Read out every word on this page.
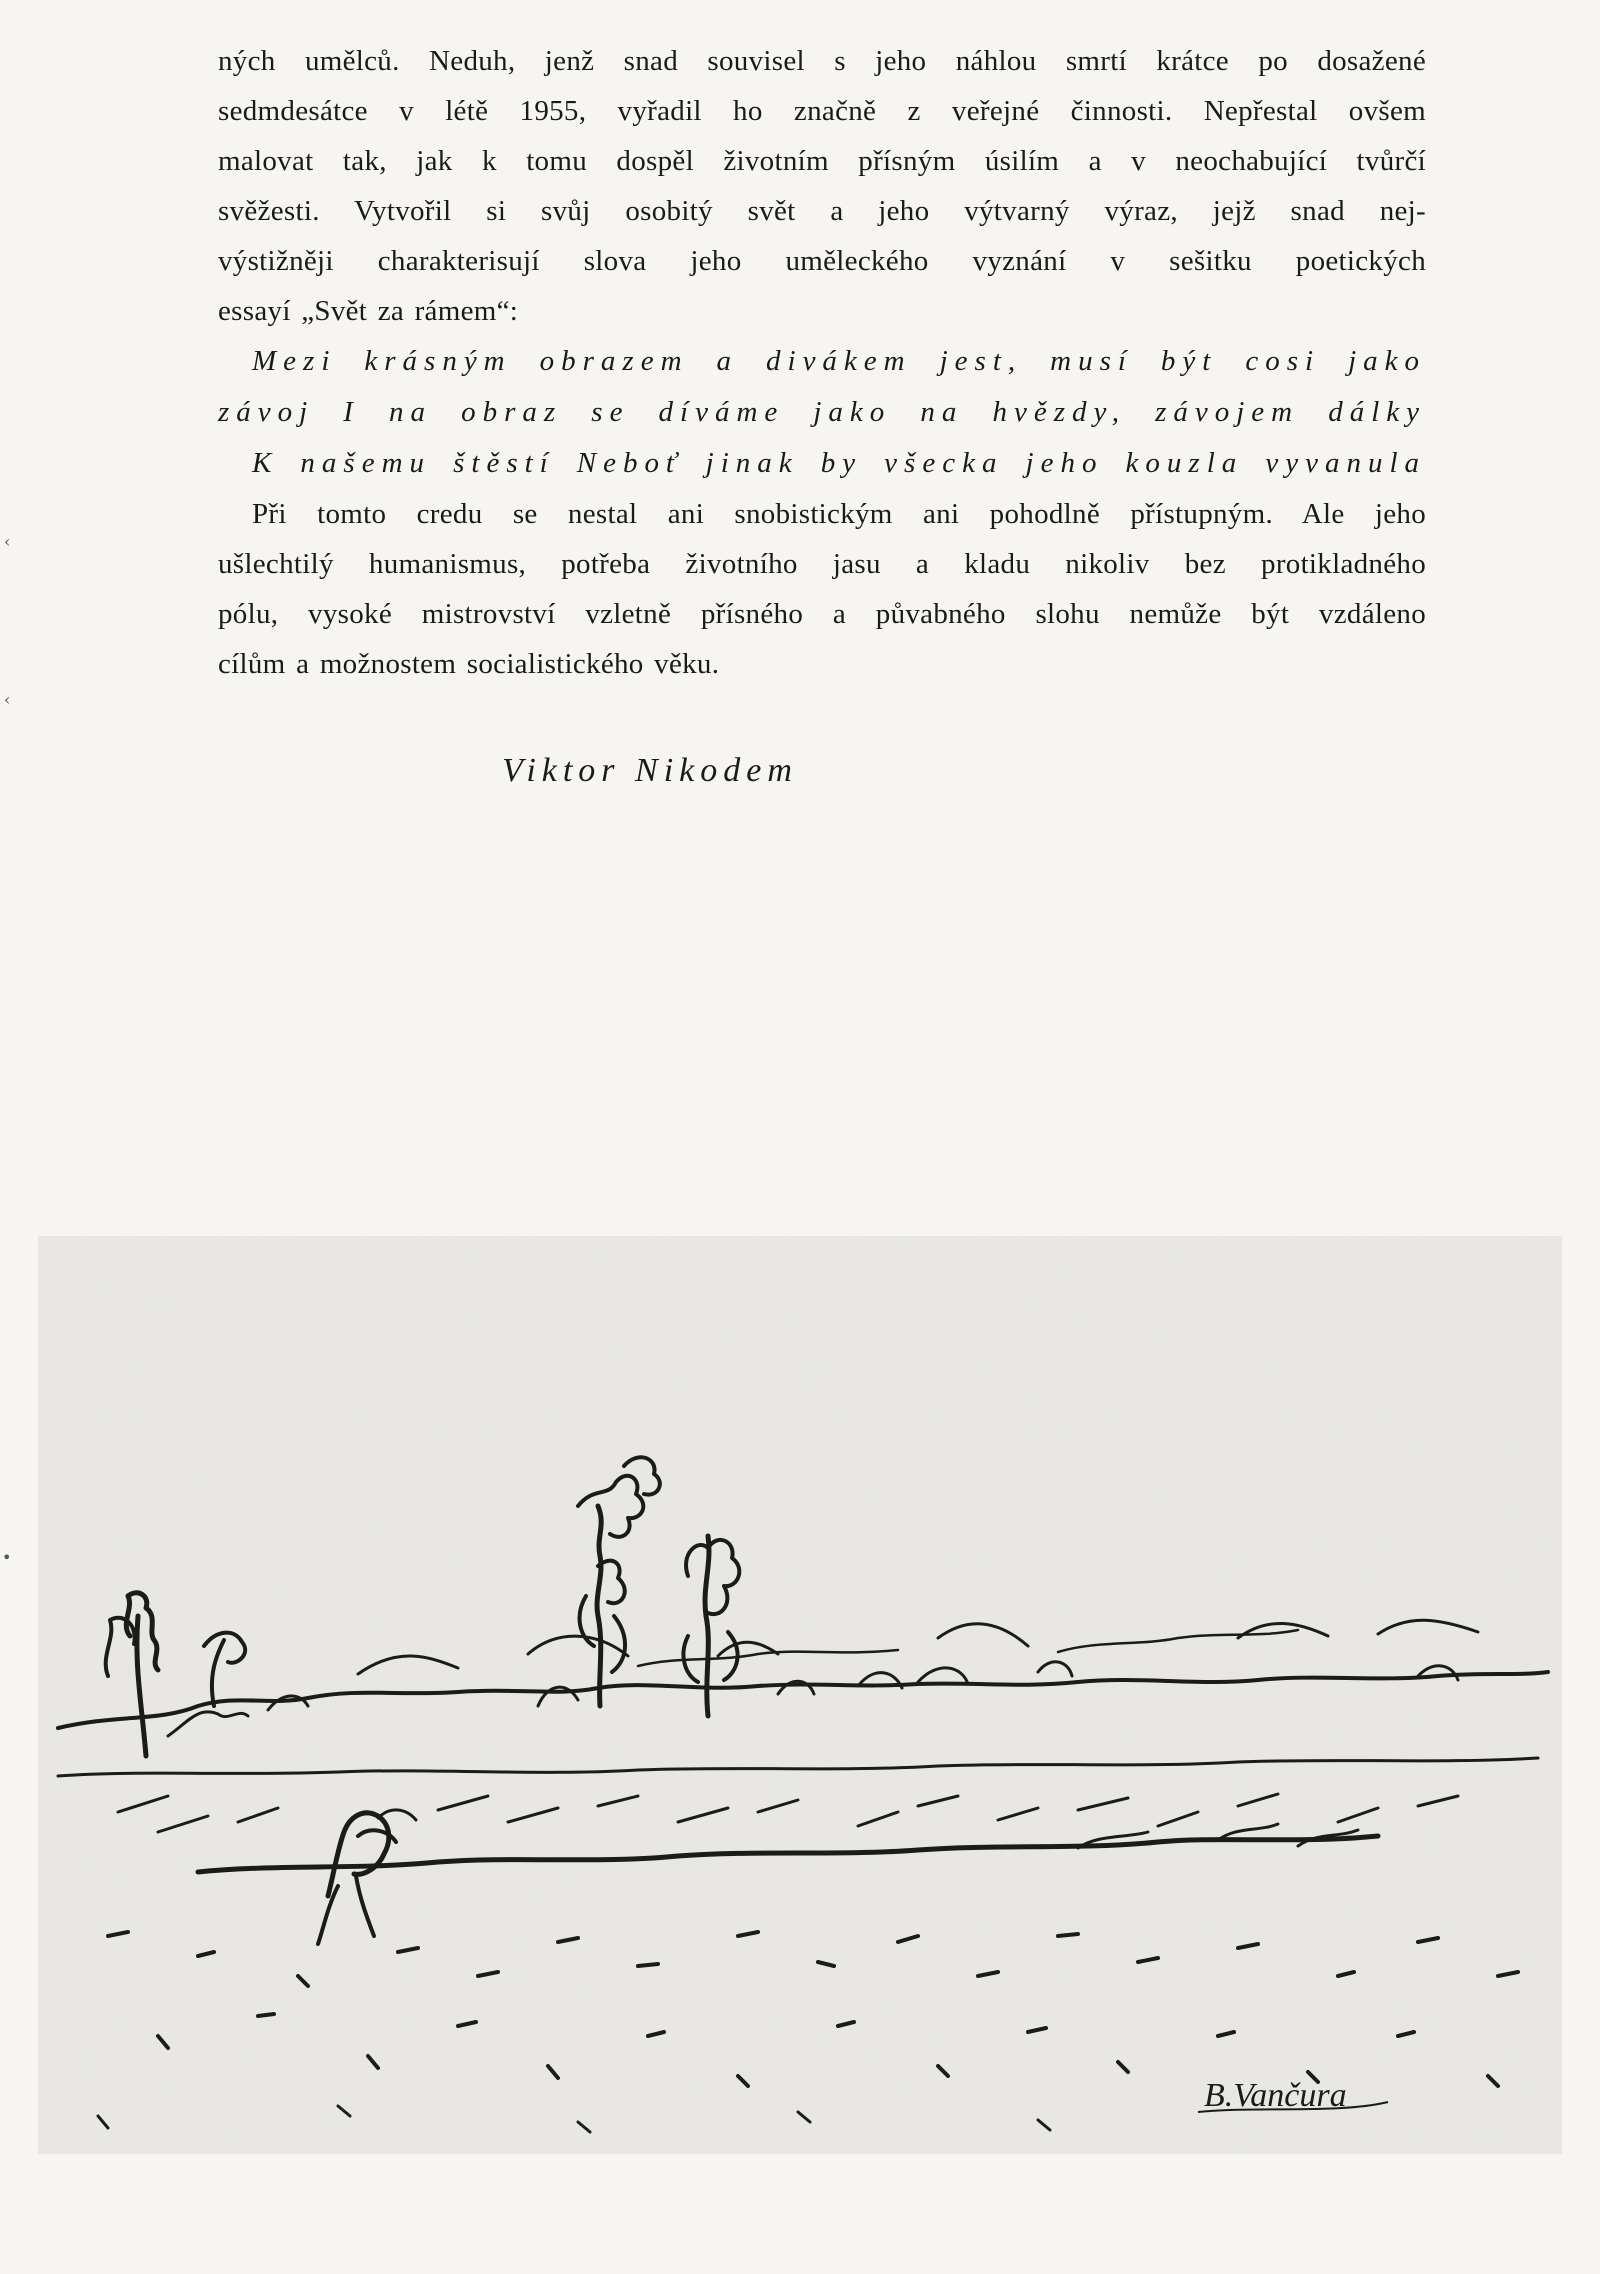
‹
‹
•
ných umělců. Neduh, jenž snad souvisel s jeho náhlou smrtí krátce po dosažené
sedmdesátce v létě 1955, vyřadil ho značně z veřejné činnosti. Nepřestal ovšem
malovat tak, jak k tomu dospěl životním přísným úsilím a v neochabující tvůrčí
svěžesti. Vytvořil si svůj osobitý svět a jeho výtvarný výraz, jejž snad nej-
výstižněji charakterisují slova jeho uměleckého vyznání v sešitku poetických
essayí „Svět za rámem“:
Mezi krásným obrazem a divákem jest, musí být cosi jako
závoj I na obraz se díváme jako na hvězdy, závojem dálky
K našemu štěstí Neboť jinak by všecka jeho kouzla vyvanula
Při tomto credu se nestal ani snobistickým ani pohodlně přístupným. Ale jeho
ušlechtilý humanismus, potřeba životního jasu a kladu nikoliv bez protikladného
pólu, vysoké mistrovství vzletně přísného a půvabného slohu nemůže být vzdáleno
cílům a možnostem socialistického věku.
Viktor Nikodem
B.Vančura
